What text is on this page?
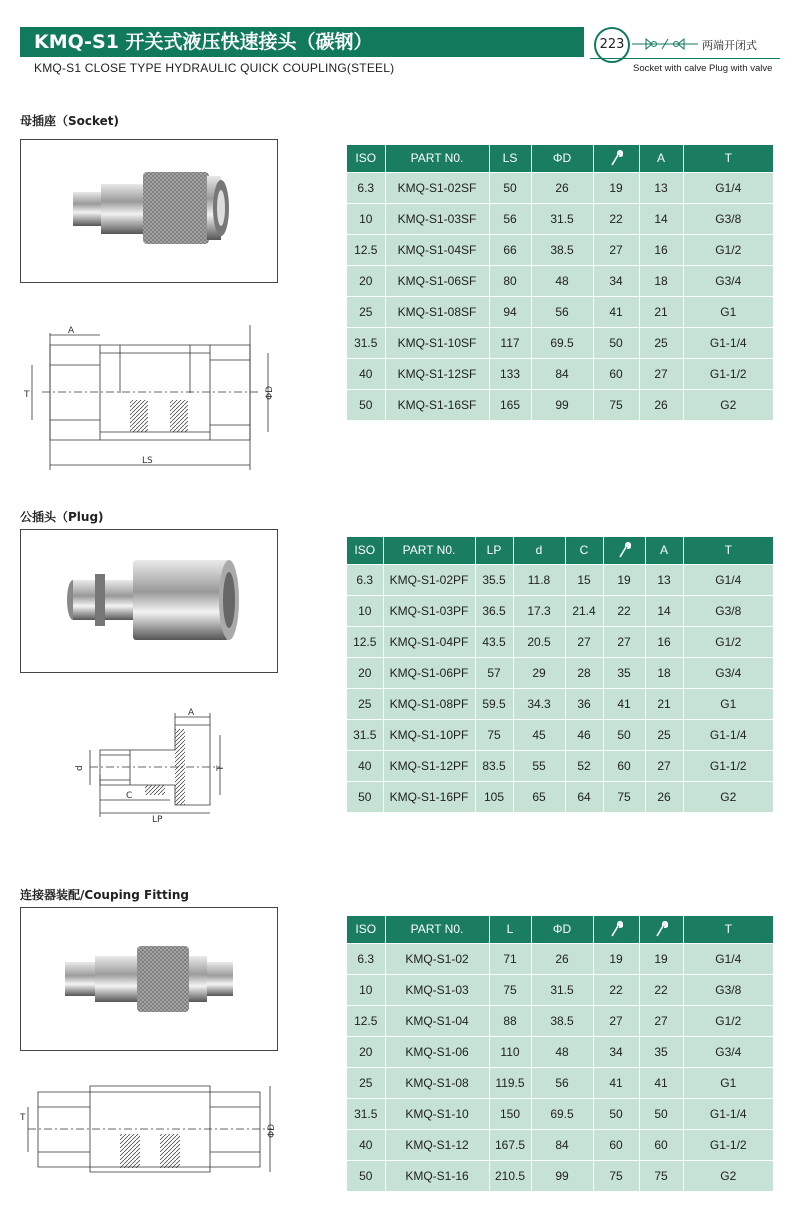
KMQ-S1 开关式液压快速接头（碳钢）
KMQ-S1 CLOSE TYPE HYDRAULIC QUICK COUPLING(STEEL)
223	两端开闭式
Socket with calve Plug with valve
母插座（Socket)
A
T	ΦD
LS
ISO	PART N0.	LS	ΦD		A	T
6.3	KMQ-S1-02SF	50	26	19	13	G1/4
10	KMQ-S1-03SF	56	31.5	22	14	G3/8
12.5	KMQ-S1-04SF	66	38.5	27	16	G1/2
20	KMQ-S1-06SF	80	48	34	18	G3/4
25	KMQ-S1-08SF	94	56	41	21	G1
31.5	KMQ-S1-10SF	117	69.5	50	25	G1-1/4
40	KMQ-S1-12SF	133	84	60	27	G1-1/2
50	KMQ-S1-16SF	165	99	75	26	G2
公插头（Plug)
A
d	T
C
LP
ISO	PART N0.	LP	d	C		A	T
6.3	KMQ-S1-02PF	35.5	11.8	15	19	13	G1/4
10	KMQ-S1-03PF	36.5	17.3	21.4	22	14	G3/8
12.5	KMQ-S1-04PF	43.5	20.5	27	27	16	G1/2
20	KMQ-S1-06PF	57	29	28	35	18	G3/4
25	KMQ-S1-08PF	59.5	34.3	36	41	21	G1
31.5	KMQ-S1-10PF	75	45	46	50	25	G1-1/4
40	KMQ-S1-12PF	83.5	55	52	60	27	G1-1/2
50	KMQ-S1-16PF	105	65	64	75	26	G2
连接器装配/Couping Fitting
T
ΦD
ISO	PART N0.	L	ΦD			T
6.3	KMQ-S1-02	71	26	19	19	G1/4
10	KMQ-S1-03	75	31.5	22	22	G3/8
12.5	KMQ-S1-04	88	38.5	27	27	G1/2
20	KMQ-S1-06	110	48	34	35	G3/4
25	KMQ-S1-08	119.5	56	41	41	G1
31.5	KMQ-S1-10	150	69.5	50	50	G1-1/4
40	KMQ-S1-12	167.5	84	60	60	G1-1/2
50	KMQ-S1-16	210.5	99	75	75	G2
